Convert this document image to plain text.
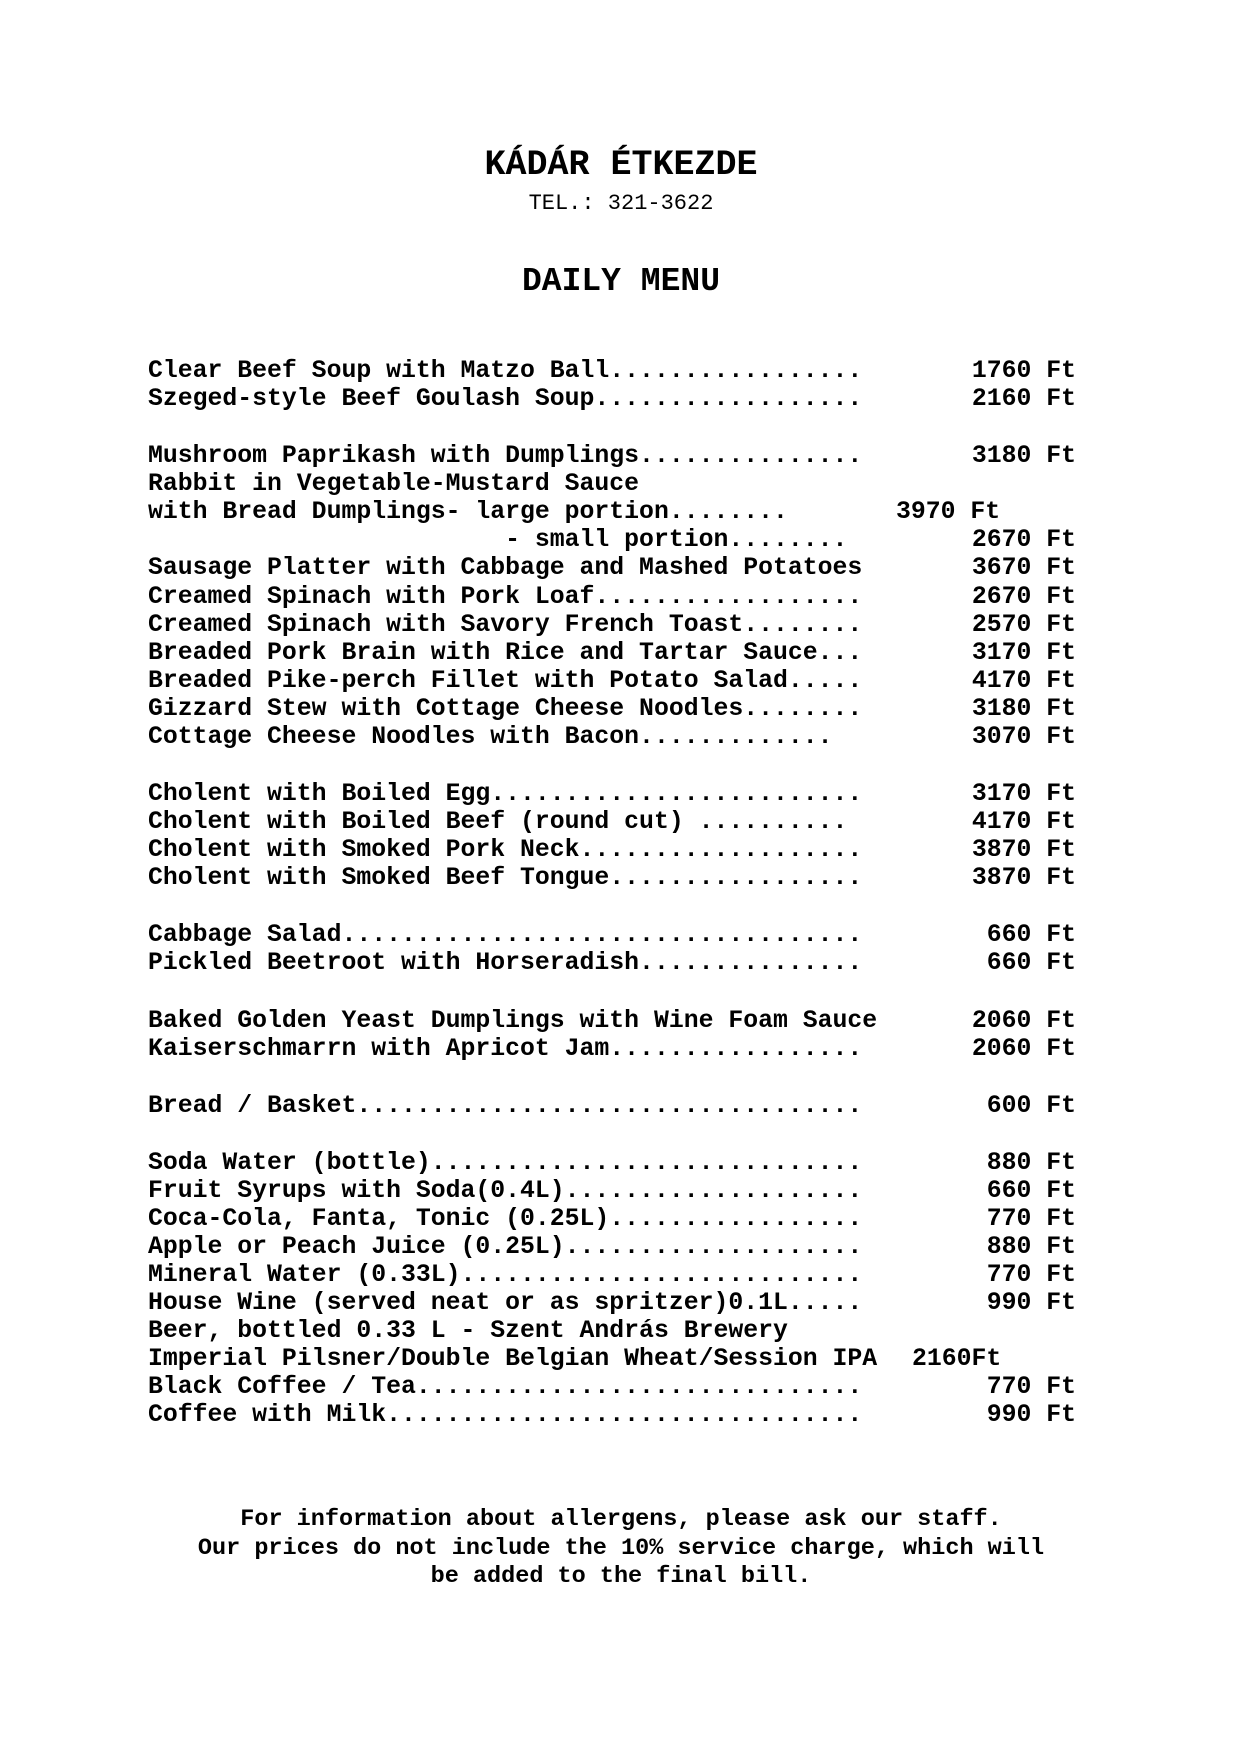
KÁDÁR ÉTKEZDE
TEL.: 321-3622
DAILY MENU
Clear Beef Soup with Matzo Ball.................	1760 Ft
Szeged-style Beef Goulash Soup..................	2160 Ft
Mushroom Paprikash with Dumplings...............	3180 Ft
Rabbit in Vegetable-Mustard Sauce
with Bread Dumplings- large portion........	3970 Ft
- small portion........	2670 Ft
Sausage Platter with Cabbage and Mashed Potatoes	3670 Ft
Creamed Spinach with Pork Loaf..................	2670 Ft
Creamed Spinach with Savory French Toast........	2570 Ft
Breaded Pork Brain with Rice and Tartar Sauce...	3170 Ft
Breaded Pike-perch Fillet with Potato Salad.....	4170 Ft
Gizzard Stew with Cottage Cheese Noodles........	3180 Ft
Cottage Cheese Noodles with Bacon.............	3070 Ft
Cholent with Boiled Egg.........................	3170 Ft
Cholent with Boiled Beef (round cut) ..........	4170 Ft
Cholent with Smoked Pork Neck...................	3870 Ft
Cholent with Smoked Beef Tongue.................	3870 Ft
Cabbage Salad...................................	660 Ft
Pickled Beetroot with Horseradish...............	660 Ft
Baked Golden Yeast Dumplings with Wine Foam Sauce	2060 Ft
Kaiserschmarrn with Apricot Jam.................	2060 Ft
Bread / Basket..................................	600 Ft
Soda Water (bottle).............................	880 Ft
Fruit Syrups with Soda(0.4L)....................	660 Ft
Coca-Cola, Fanta, Tonic (0.25L).................	770 Ft
Apple or Peach Juice (0.25L)....................	880 Ft
Mineral Water (0.33L)...........................	770 Ft
House Wine (served neat or as spritzer)0.1L.....	990 Ft
Beer, bottled 0.33 L - Szent András Brewery
Imperial Pilsner/Double Belgian Wheat/Session IPA 2160Ft
Black Coffee / Tea..............................	770 Ft
Coffee with Milk................................	990 Ft
For information about allergens, please ask our staff.
Our prices do not include the 10% service charge, which will
be added to the final bill.
